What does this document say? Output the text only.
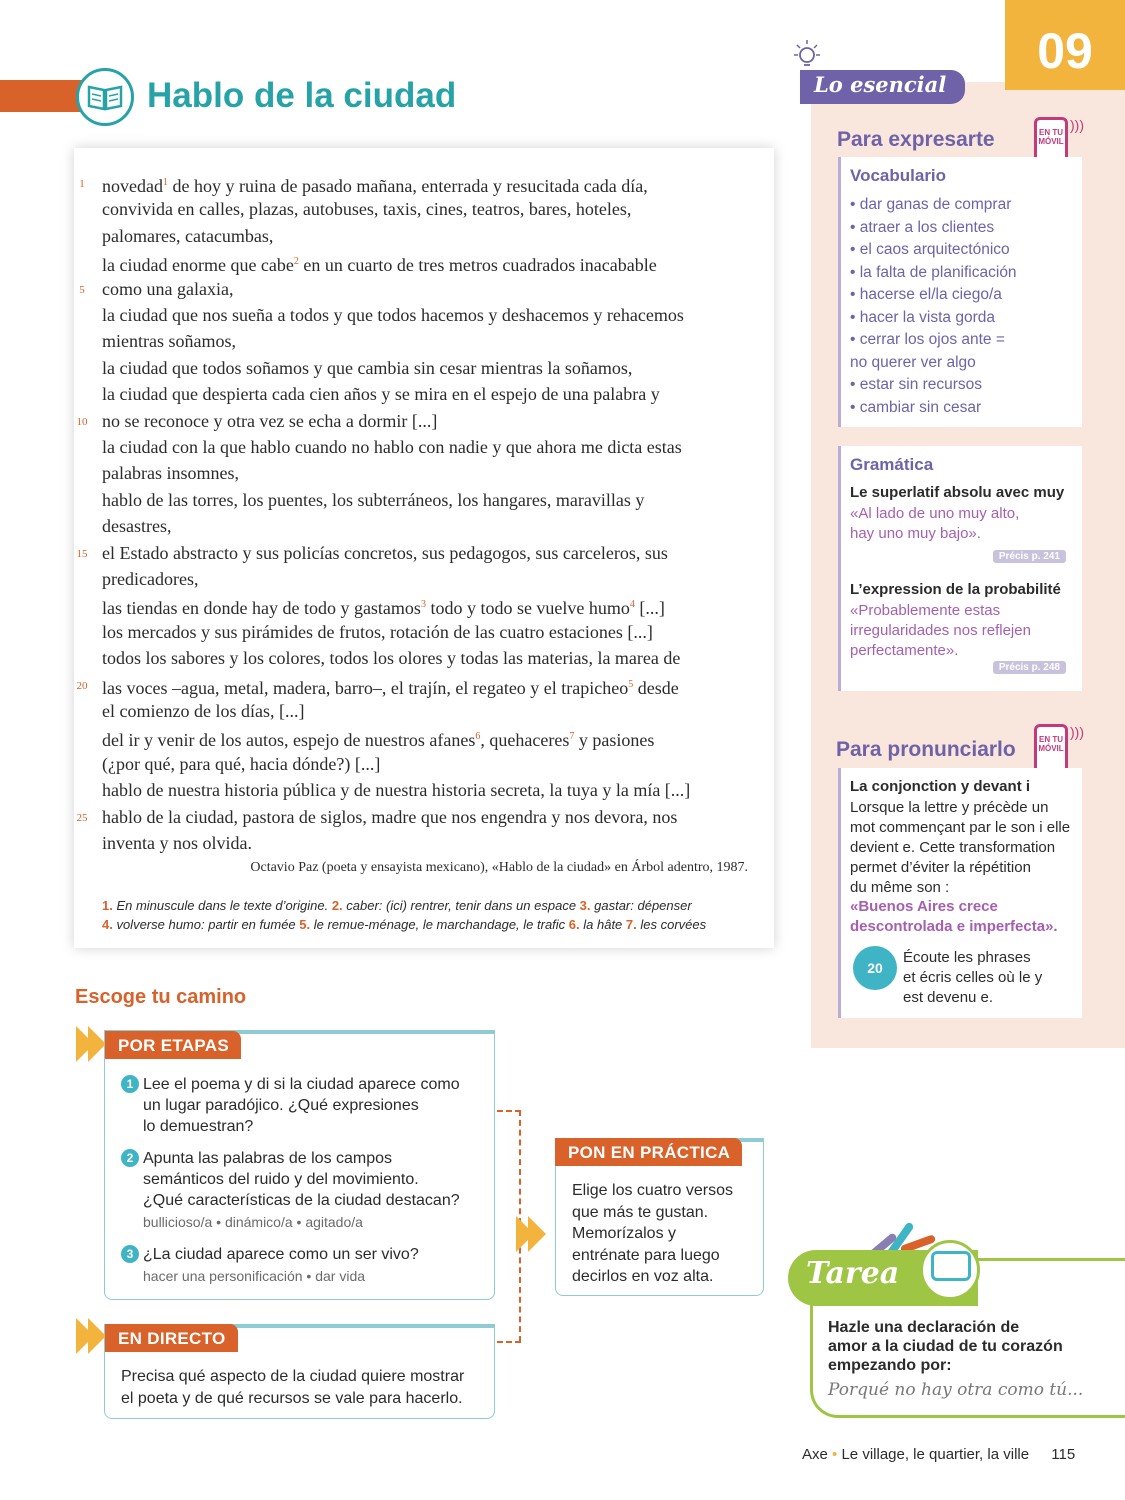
Hablo de la ciudad
novedad$^1$ de hoy y ruina de pasado mañana, enterrada y resucitada cada día,
1
convivida en calles, plazas, autobuses, taxis, cines, teatros, bares, hoteles,
palomares, catacumbas,
la ciudad enorme que cabe$^2$ en un cuarto de tres metros cuadrados inacabable
como una galaxia,
5
la ciudad que nos sueña a todos y que todos hacemos y deshacemos y rehacemos
mientras soñamos,
la ciudad que todos soñamos y que cambia sin cesar mientras la soñamos,
la ciudad que despierta cada cien años y se mira en el espejo de una palabra y
no se reconoce y otra vez se echa a dormir [...]
10
la ciudad con la que hablo cuando no hablo con nadie y que ahora me dicta estas
palabras insomnes,
hablo de las torres, los puentes, los subterráneos, los hangares, maravillas y
desastres,
el Estado abstracto y sus policías concretos, sus pedagogos, sus carceleros, sus
15
predicadores,
las tiendas en donde hay de todo y gastamos$^3$ todo y todo se vuelve humo$^4$ [...]
los mercados y sus pirámides de frutos, rotación de las cuatro estaciones [...]
todos los sabores y los colores, todos los olores y todas las materias, la marea de
las voces –agua, metal, madera, barro–, el trajín, el regateo y el trapicheo$^5$ desde
20
el comienzo de los días, [...]
del ir y venir de los autos, espejo de nuestros afanes$^6$, quehaceres$^7$ y pasiones
(¿por qué, para qué, hacia dónde?) [...]
hablo de nuestra historia pública y de nuestra historia secreta, la tuya y la mía [...]
hablo de la ciudad, pastora de siglos, madre que nos engendra y nos devora, nos
25
inventa y nos olvida.
Octavio Paz (poeta y ensayista mexicano), «Hablo de la ciudad» en Árbol adentro, 1987.
1. En minuscule dans le texte d’origine. 2. caber: (ici) rentrer, tenir dans un espace 3. gastar: dépenser
4. volverse humo: partir en fumée 5. le remue-ménage, le marchandage, le trafic 6. la hâte 7. les corvées
09
Lo esencial
Para expresarte	EN TU MÓVIL
)))
Vocabulario
• dar ganas de comprar
• atraer a los clientes
• el caos arquitectónico
• la falta de planificación
• hacerse el/la ciego/a
• hacer la vista gorda
• cerrar los ojos ante =
no querer ver algo
• estar sin recursos
• cambiar sin cesar
Gramática
Le superlatif absolu avec muy
«Al lado de uno muy alto,
hay uno muy bajo».
Précis p. 241
L’expression de la probabilité
«Probablemente estas
irregularidades nos reflejen
perfectamente».
Précis p. 248
Para pronunciarlo	EN TU MÓVIL
)))
La conjonction y devant i
Lorsque la lettre y précède un
mot commençant par le son i elle
devient e. Cette transformation
permet d’éviter la répétition
du même son :
«Buenos Aires crece
descontrolada e imperfecta».
20
Écoute les phrases
et écris celles où le y
est devenu e.
Escoge tu camino
1 Lee el poema y di si la ciudad aparece como
un lugar paradójico. ¿Qué expresiones
lo demuestran?
2 Apunta las palabras de los campos
semánticos del ruido y del movimiento.
¿Qué características de la ciudad destacan?
bullicioso/a • dinámico/a • agitado/a
3 ¿La ciudad aparece como un ser vivo?
hacer una personificación • dar vida
POR ETAPAS
Precisa qué aspecto de la ciudad quiere mostrar
el poeta y de qué recursos se vale para hacerlo.
EN DIRECTO
Elige los cuatro versos
que más te gustan.
Memorízalos y
entrénate para luego
decirlos en voz alta.
PON EN PRÁCTICA
Tarea
Hazle una declaración de
amor a la ciudad de tu corazón
empezando por:
Porqué no hay otra como tú...
Axe • Le village, le quartier, la ville 115
